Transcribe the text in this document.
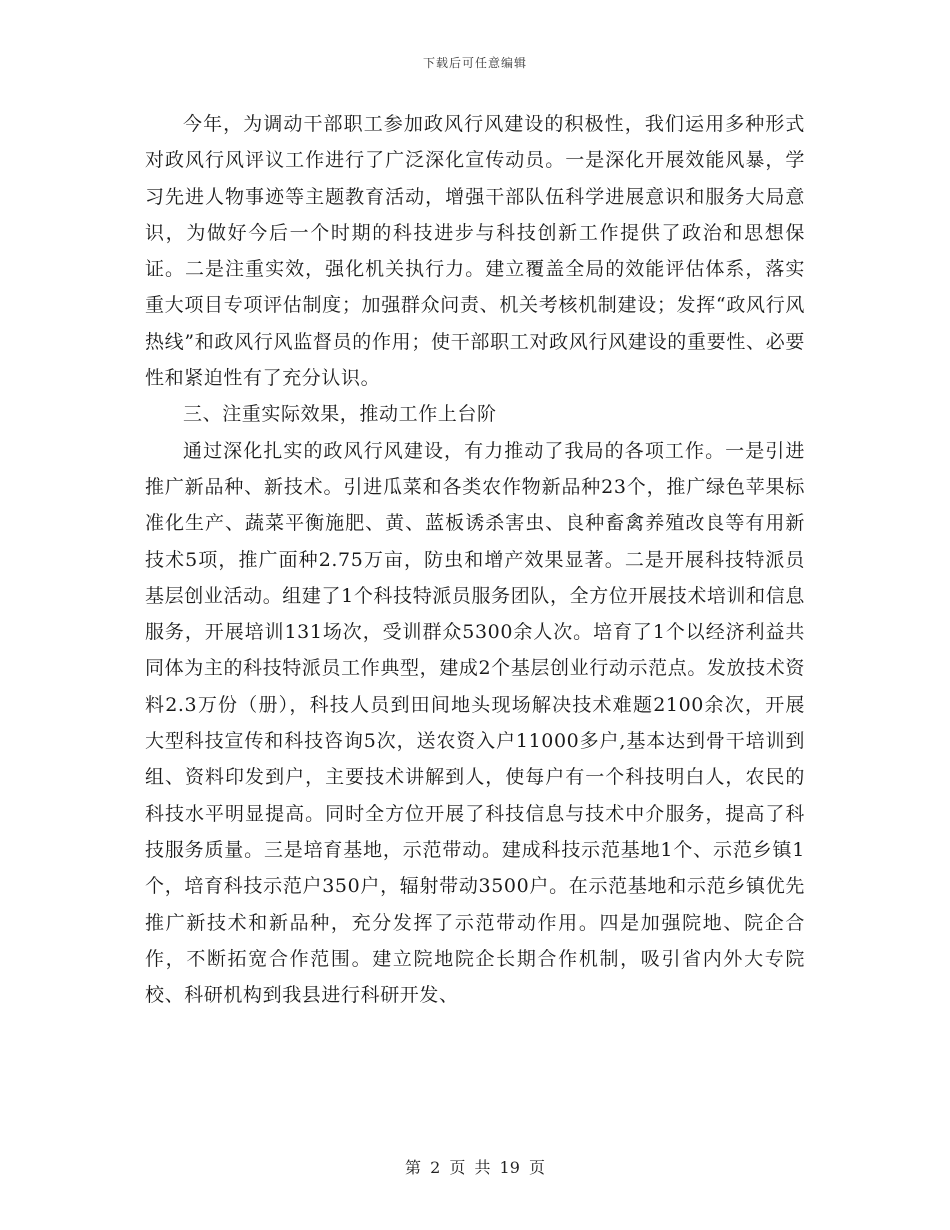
下载后可任意编辑

今年，为调动干部职工参加政风行风建设的积极性，我们运用多种形式对政风行风评议工作进行了广泛深化宣传动员。一是深化开展效能风暴，学习先进人物事迹等主题教育活动，增强干部队伍科学进展意识和服务大局意识，为做好今后一个时期的科技进步与科技创新工作提供了政治和思想保证。二是注重实效，强化机关执行力。建立覆盖全局的效能评估体系，落实重大项目专项评估制度；加强群众问责、机关考核机制建设；发挥“政风行风热线”和政风行风监督员的作用；使干部职工对政风行风建设的重要性、必要性和紧迫性有了充分认识。

三、注重实际效果，推动工作上台阶

通过深化扎实的政风行风建设，有力推动了我局的各项工作。一是引进推广新品种、新技术。引进瓜菜和各类农作物新品种23个，推广绿色苹果标准化生产、蔬菜平衡施肥、黄、蓝板诱杀害虫、良种畜禽养殖改良等有用新技术5项，推广面种2.75万亩，防虫和增产效果显著。二是开展科技特派员基层创业活动。组建了1个科技特派员服务团队，全方位开展技术培训和信息服务，开展培训131场次，受训群众5300余人次。培育了1个以经济利益共同体为主的科技特派员工作典型，建成2个基层创业行动示范点。发放技术资料2.3万份（册），科技人员到田间地头现场解决技术难题2100余次，开展大型科技宣传和科技咨询5次，送农资入户11000多户,基本达到骨干培训到组、资料印发到户，主要技术讲解到人，使每户有一个科技明白人，农民的科技水平明显提高。同时全方位开展了科技信息与技术中介服务，提高了科技服务质量。三是培育基地，示范带动。建成科技示范基地1个、示范乡镇1个，培育科技示范户350户，辐射带动3500户。在示范基地和示范乡镇优先推广新技术和新品种，充分发挥了示范带动作用。四是加强院地、院企合作，不断拓宽合作范围。建立院地院企长期合作机制，吸引省内外大专院校、科研机构到我县进行科研开发、

第 2 页 共 19 页
